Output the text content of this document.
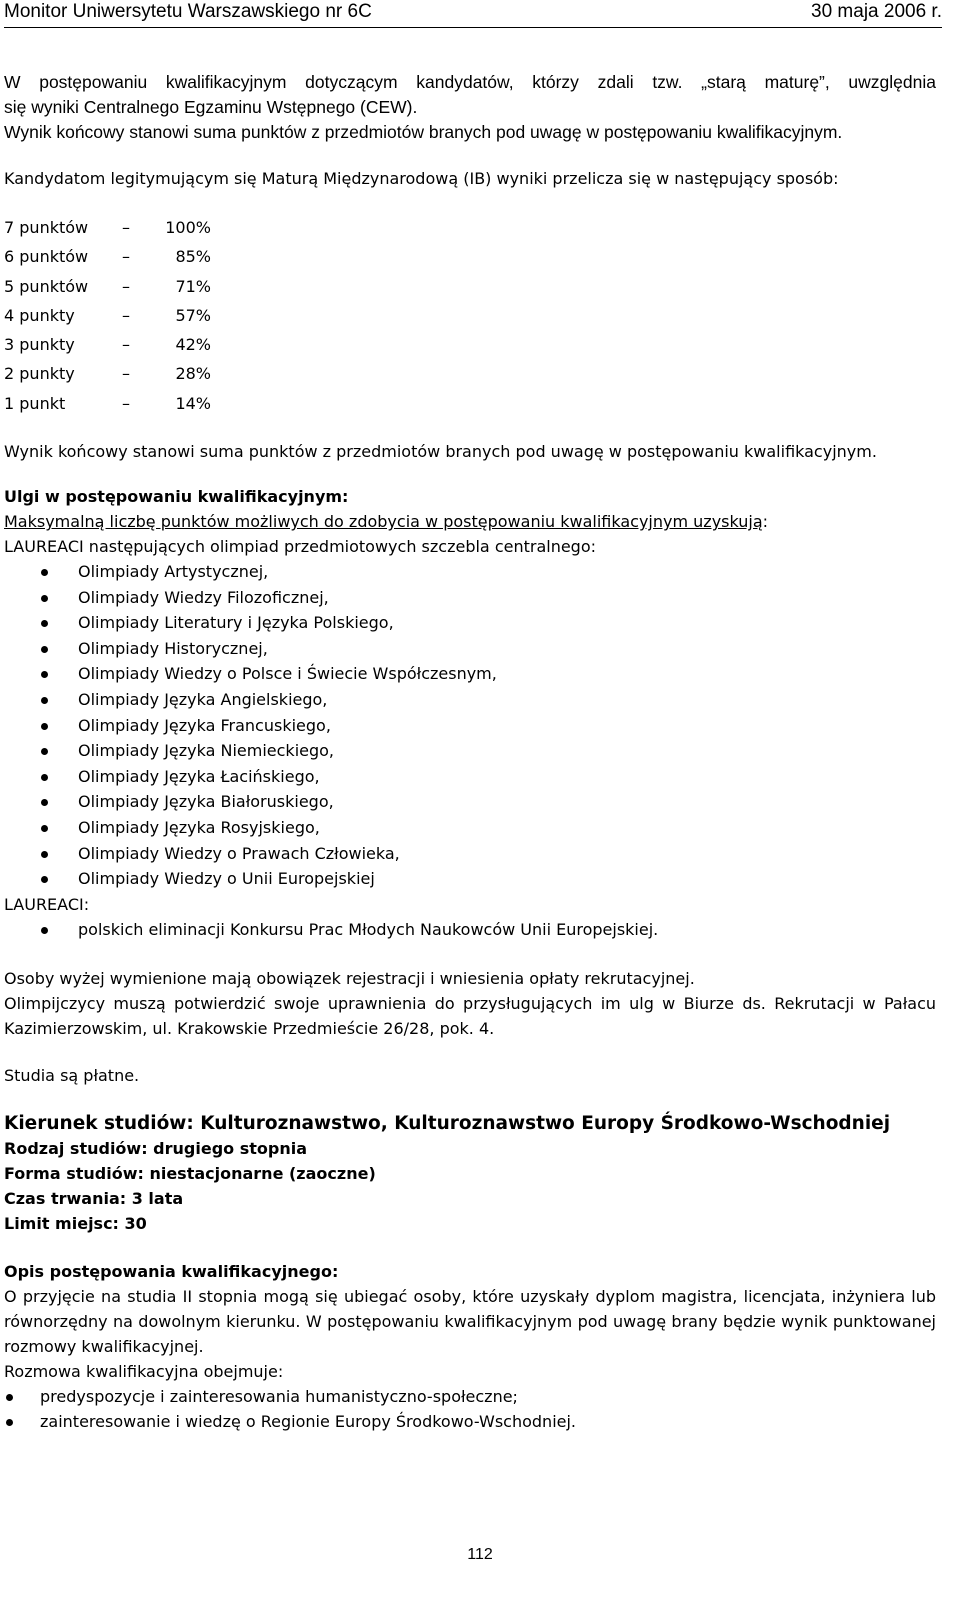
Monitor Uniwersytetu Warszawskiego nr 6C	30 maja 2006 r.
W postępowaniu kwalifikacyjnym dotyczącym kandydatów, którzy zdali tzw. „starą maturę”, uwzględnia
się wyniki Centralnego Egzaminu Wstępnego (CEW).

Wynik końcowy stanowi suma punktów z przedmiotów branych pod uwagę w postępowaniu kwalifikacyjnym.

Kandydatom legitymującym się Maturą Międzynarodową (IB) wyniki przelicza się w następujący sposób:

7 punktów –	100%
6 punktów –	85%
5 punktów –	71%
4 punkty	–	57%
3 punkty	–	42%
2 punkty	–	28%
1 punkt	–	14%

Wynik końcowy stanowi suma punktów z przedmiotów branych pod uwagę w postępowaniu kwalifikacyjnym.

Ulgi w postępowaniu kwalifikacyjnym:
Maksymalną liczbę punktów możliwych do zdobycia w postępowaniu kwalifikacyjnym uzyskują:
LAUREACI następujących olimpiad przedmiotowych szczebla centralnego:
Olimpiady Artystycznej,
Olimpiady Wiedzy Filozoficznej,
Olimpiady Literatury i Języka Polskiego,
Olimpiady Historycznej,
Olimpiady Wiedzy o Polsce i Świecie Współczesnym,
Olimpiady Języka Angielskiego,
Olimpiady Języka Francuskiego,
Olimpiady Języka Niemieckiego,
Olimpiady Języka Łacińskiego,
Olimpiady Języka Białoruskiego,
Olimpiady Języka Rosyjskiego,
Olimpiady Wiedzy o Prawach Człowieka,
Olimpiady Wiedzy o Unii Europejskiej
LAUREACI:
polskich eliminacji Konkursu Prac Młodych Naukowców Unii Europejskiej.
Osoby wyżej wymienione mają obowiązek rejestracji i wniesienia opłaty rekrutacyjnej.

Olimpijczycy muszą potwierdzić swoje uprawnienia do przysługujących im ulg w Biurze ds. Rekrutacji w Pałacu Kazimierzowskim, ul. Krakowskie Przedmieście 26/28, pok. 4.

Studia są płatne.
Kierunek studiów: Kulturoznawstwo, Kulturoznawstwo Europy Środkowo-Wschodniej
Rodzaj studiów: drugiego stopnia
Forma studiów: niestacjonarne (zaoczne)
Czas trwania: 3 lata
Limit miejsc: 30
Opis postępowania kwalifikacyjnego:

O przyjęcie na studia II stopnia mogą się ubiegać osoby, które uzyskały dyplom magistra, licencjata, inżyniera lub równorzędny na dowolnym kierunku. W postępowaniu kwalifikacyjnym pod uwagę brany będzie wynik punktowanej rozmowy kwalifikacyjnej.

Rozmowa kwalifikacyjna obejmuje:
predyspozycje i zainteresowania humanistyczno-społeczne;
zainteresowanie i wiedzę o Regionie Europy Środkowo-Wschodniej.
112
